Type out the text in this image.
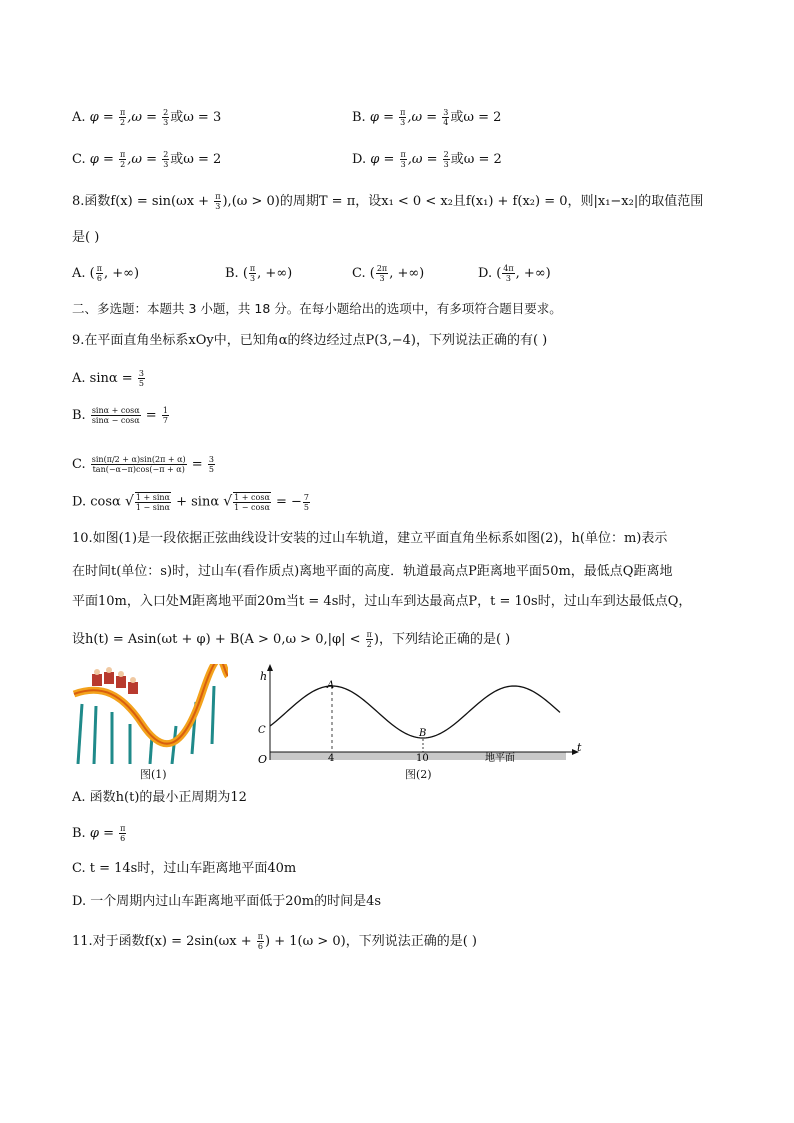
A. $\varphi = \frac{\pi}{2} ,\omega = \frac{2}{3}$ 或ω = 3	B. $\varphi = \frac{\pi}{3} ,\omega = \frac{3}{4}$ 或ω = 2
C. $\varphi = \frac{\pi}{2} ,\omega = \frac{2}{3}$ 或ω = 2	D. $\varphi = \frac{\pi}{3} ,\omega = \frac{2}{3}$ 或ω = 2
8.函数$f(x) = \sin(\omega x + \frac{\pi}{3} ),(\omega > 0)$的周期T = π，设x₁ < 0 < x₂且f(x₁) + f(x₂) = 0，则|x₁−x₂|的取值范围
是( )
A. ( $\frac{\pi}{6}$ , +∞)	B. ( $\frac{\pi}{3}$ , +∞)	C. ( $\frac{2\pi}{3}$ , +∞)	D. ( $\frac{4\pi}{3}$ , +∞)
二、多选题：本题共 3 小题，共 18 分。在每小题给出的选项中，有多项符合题目要求。
9.在平面直角坐标系xOy中，已知角α的终边经过点P(3,−4)，下列说法正确的有( )
A. $\sin\alpha = \frac{3}{5}$
B. $\frac{\sin\alpha + \cos\alpha}{\sin\alpha - \cos\alpha} = \frac{1}{7}$
C. $\frac{\sin(\pi/2 + \alpha)\sin(2\pi + \alpha)}{\tan(-\alpha-\pi)\cos(-\pi + \alpha)} = \frac{3}{5}$
D. cosα √ $\frac{1 + \sin\alpha}{1 - \sin\alpha} + \sin\alpha$ √ $\frac{1 + \cos\alpha}{1 - \cos\alpha}$ = − $\frac{7}{5}$
10.如图(1)是一段依据正弦曲线设计安装的过山车轨道，建立平面直角坐标系如图(2)，h(单位：m)表示
在时间t(单位：s)时，过山车(看作质点)离地平面的高度．轨道最高点P距离地平面50m，最低点Q距离地
平面10m，入口处M距离地平面20m当t = 4s时，过山车到达最高点P，t = 10s时，过山车到达最低点Q，
设$h(t) = Asin(\omega t + \varphi) + B(A > 0,\omega > 0,|\varphi| < \frac{\pi}{2}$ )，下列结论正确的是( )
图(1)
h
t
A
B
C
O	4	10	地平面
图(2)
A. 函数h(t)的最小正周期为12
B. $\varphi = \frac{\pi}{6}$
C. t = 14s时，过山车距离地平面40m
D. 一个周期内过山车距离地平面低于20m的时间是4s
11.对于函数$f(x) = 2\sin(\omega x + \frac{\pi}{6}$ ) + 1(ω > 0)，下列说法正确的是( )
